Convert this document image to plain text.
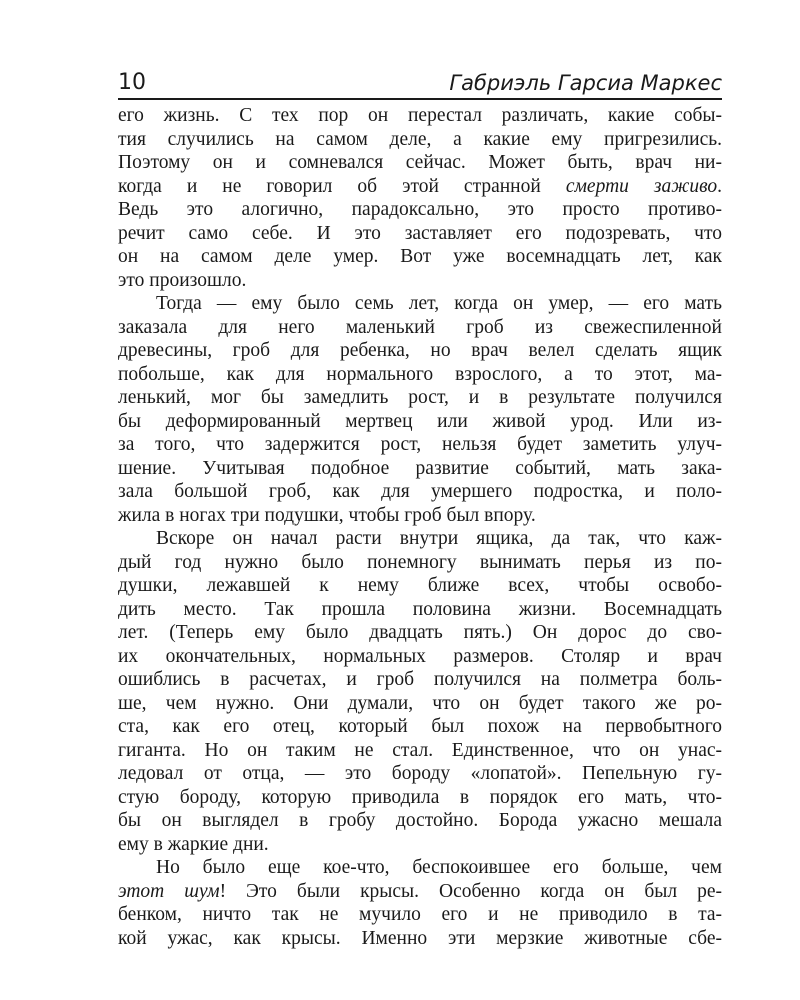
10	Габриэль Гарсиа Маркес
его жизнь. С тех пор он перестал различать, какие собы-
тия случились на самом деле, а какие ему пригрезились.
Поэтому он и сомневался сейчас. Может быть, врач ни-
когда и не говорил об этой странной смерти заживо.
Ведь это алогично, парадоксально, это просто противо-
речит само себе. И это заставляет его подозревать, что
он на самом деле умер. Вот уже восемнадцать лет, как
это произошло.
Тогда — ему было семь лет, когда он умер, — его мать
заказала для него маленький гроб из свежеспиленной
древесины, гроб для ребенка, но врач велел сделать ящик
побольше, как для нормального взрослого, а то этот, ма-
ленький, мог бы замедлить рост, и в результате получился
бы деформированный мертвец или живой урод. Или из-
за того, что задержится рост, нельзя будет заметить улуч-
шение. Учитывая подобное развитие событий, мать зака-
зала большой гроб, как для умершего подростка, и поло-
жила в ногах три подушки, чтобы гроб был впору.
Вскоре он начал расти внутри ящика, да так, что каж-
дый год нужно было понемногу вынимать перья из по-
душки, лежавшей к нему ближе всех, чтобы освобо-
дить место. Так прошла половина жизни. Восемнадцать
лет. (Теперь ему было двадцать пять.) Он дорос до сво-
их окончательных, нормальных размеров. Столяр и врач
ошиблись в расчетах, и гроб получился на полметра боль-
ше, чем нужно. Они думали, что он будет такого же ро-
ста, как его отец, который был похож на первобытного
гиганта. Но он таким не стал. Единственное, что он унас-
ледовал от отца, — это бороду «лопатой». Пепельную гу-
стую бороду, которую приводила в порядок его мать, что-
бы он выглядел в гробу достойно. Борода ужасно мешала
ему в жаркие дни.
Но было еще кое-что, беспокоившее его больше, чем
этот шум! Это были крысы. Особенно когда он был ре-
бенком, ничто так не мучило его и не приводило в та-
кой ужас, как крысы. Именно эти мерзкие животные сбе-
